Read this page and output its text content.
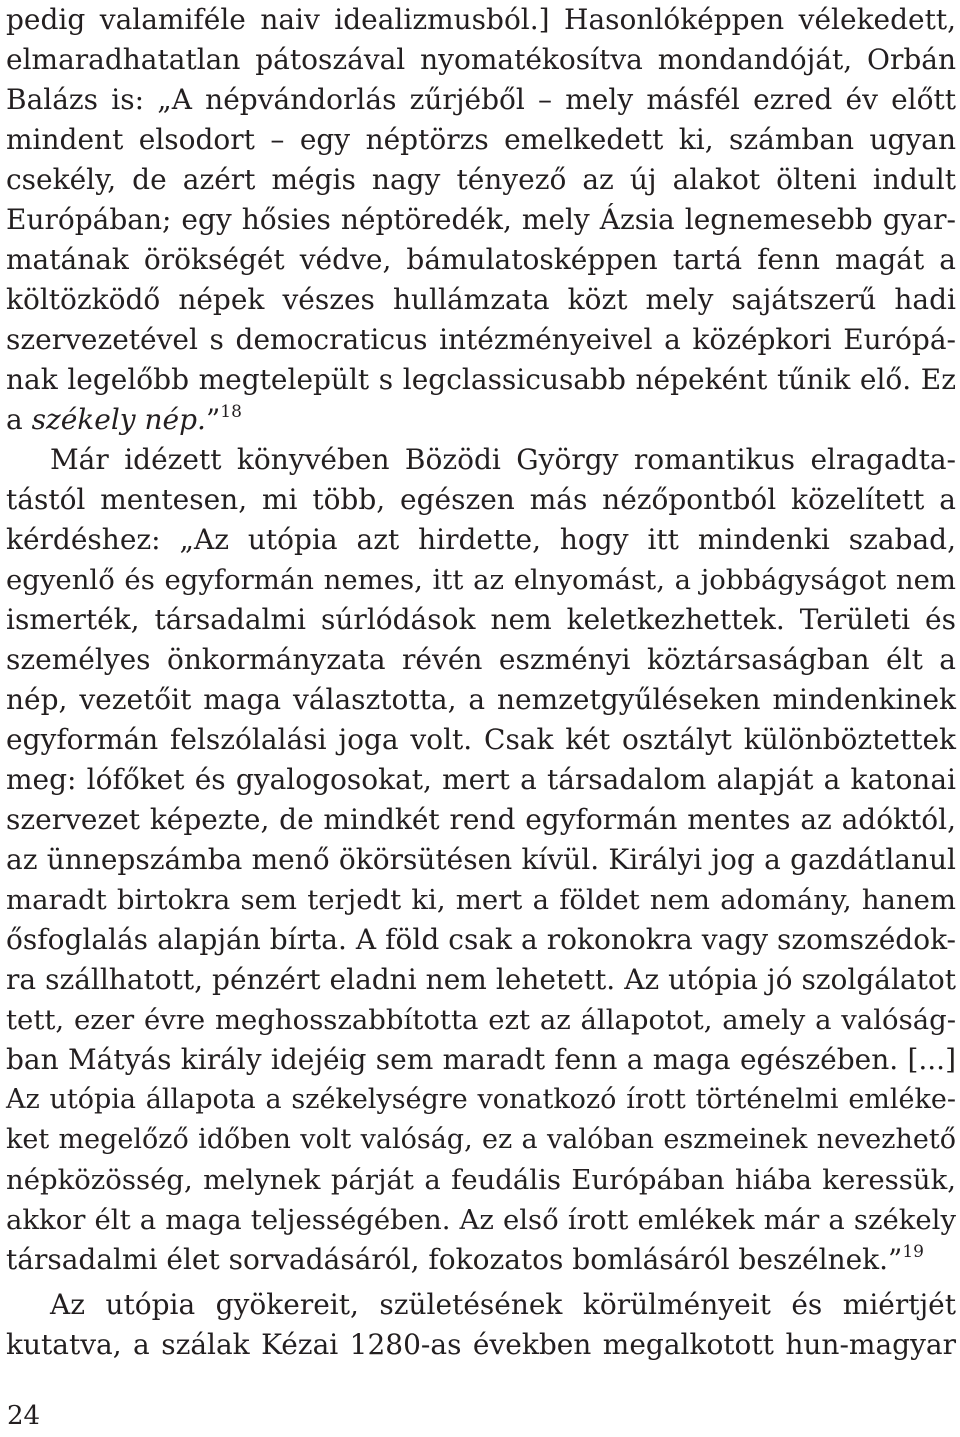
pedig valamiféle naiv idealizmusból.] Hasonlóképpen vélekedett,
elmaradhatatlan pátoszával nyomatékosítva mondandóját, Orbán
Balázs is: „A népvándorlás zűrjéből – mely másfél ezred év előtt
mindent elsodort – egy néptörzs emelkedett ki, számban ugyan
csekély, de azért mégis nagy tényező az új alakot ölteni indult
Európában; egy hősies néptöredék, mely Ázsia legnemesebb gyar-
matának örökségét védve, bámulatosképpen tartá fenn magát a
költözködő népek vészes hullámzata közt mely sajátszerű hadi
szervezetével s democraticus intézményeivel a középkori Európá-
nak legelőbb megtelepült s legclassicusabb népeként tűnik elő. Ez
a székely nép.”$^{18}$
Már idézett könyvében Bözödi György romantikus elragadta-
tástól mentesen, mi több, egészen más nézőpontból közelített a
kérdéshez: „Az utópia azt hirdette, hogy itt mindenki szabad,
egyenlő és egyformán nemes, itt az elnyomást, a jobbágyságot nem
ismerték, társadalmi súrlódások nem keletkezhettek. Területi és
személyes önkormányzata révén eszményi köztársaságban élt a
nép, vezetőit maga választotta, a nemzetgyűléseken mindenkinek
egyformán felszólalási joga volt. Csak két osztályt különböztettek
meg: lófőket és gyalogosokat, mert a társadalom alapját a katonai
szervezet képezte, de mindkét rend egyformán mentes az adóktól,
az ünnepszámba menő ökörsütésen kívül. Királyi jog a gazdátlanul
maradt birtokra sem terjedt ki, mert a földet nem adomány, hanem
ősfoglalás alapján bírta. A föld csak a rokonokra vagy szomszédok-
ra szállhatott, pénzért eladni nem lehetett. Az utópia jó szolgálatot
tett, ezer évre meghosszabbította ezt az állapotot, amely a valóság-
ban Mátyás király idejéig sem maradt fenn a maga egészében. [...]
Az utópia állapota a székelységre vonatkozó írott történelmi emléke-
ket megelőző időben volt valóság, ez a valóban eszmeinek nevezhető
népközösség, melynek párját a feudális Európában hiába keressük,
akkor élt a maga teljességében. Az első írott emlékek már a székely
társadalmi élet sorvadásáról, fokozatos bomlásáról beszélnek.”$^{19}$
Az utópia gyökereit, születésének körülményeit és miértjét
kutatva, a szálak Kézai 1280-as években megalkotott hun-magyar
24
